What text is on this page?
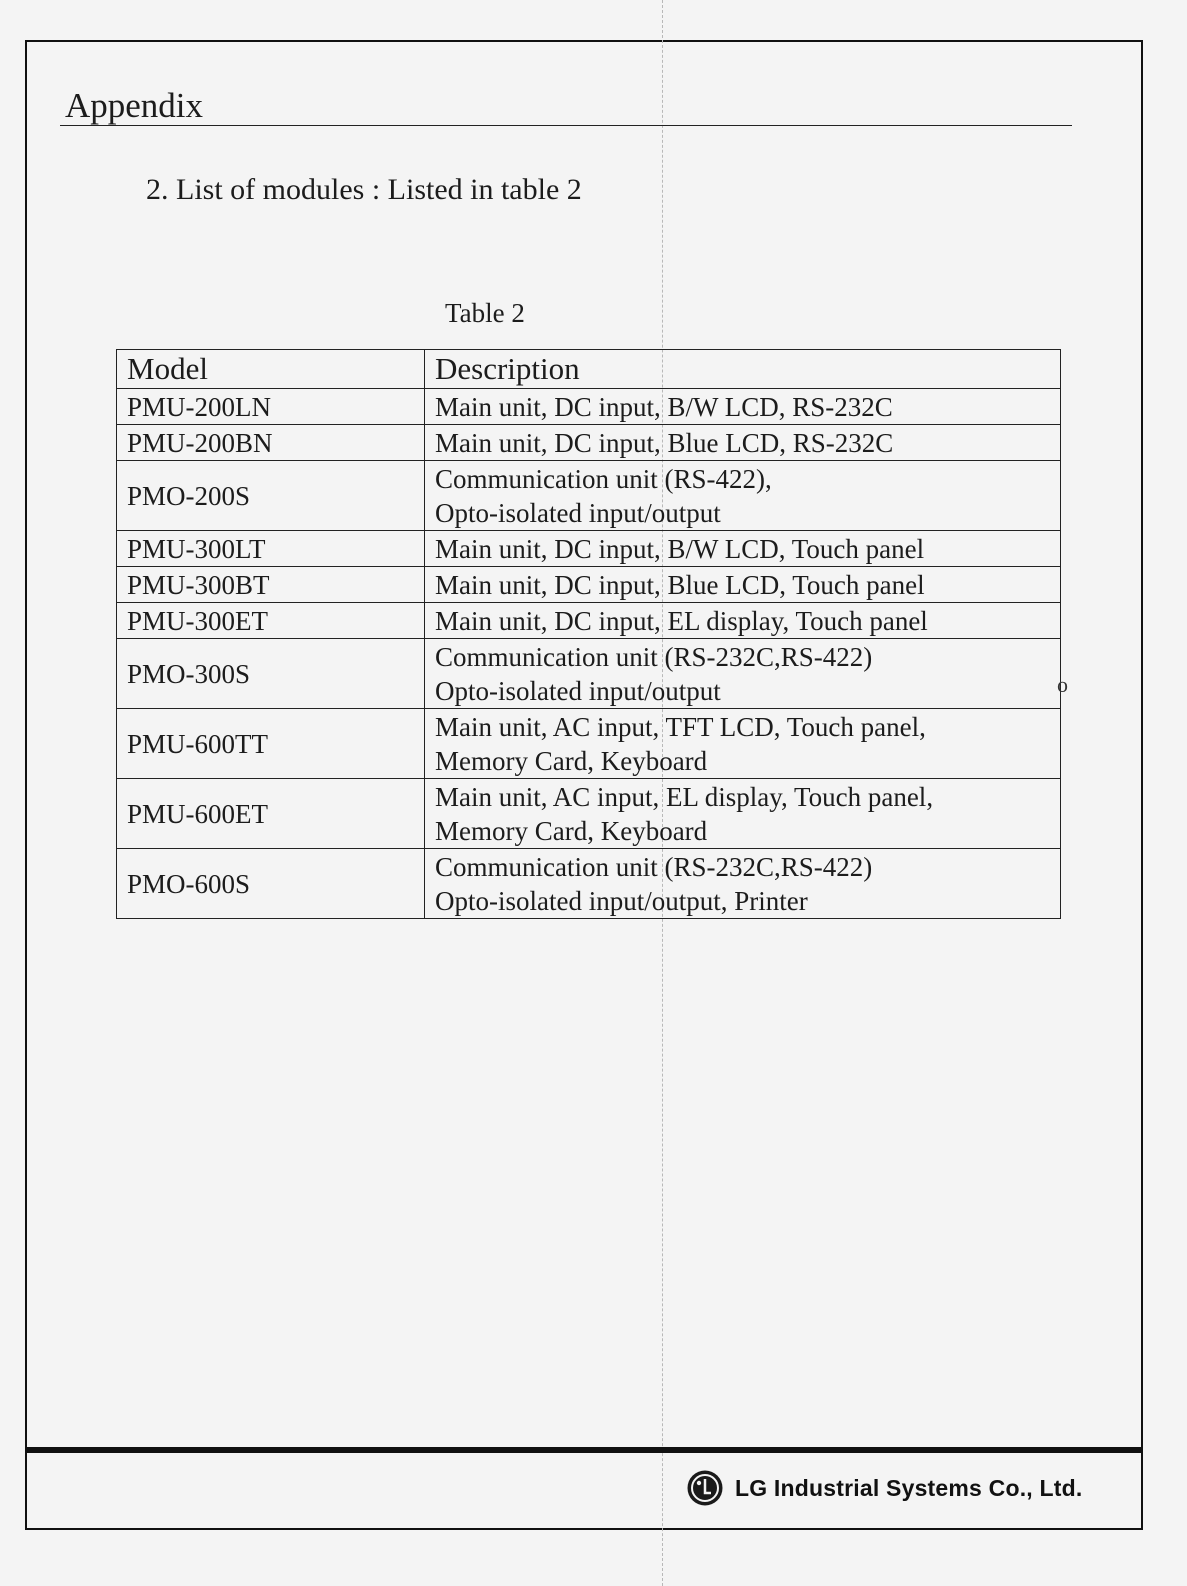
Appendix

2. List of modules : Listed in table 2

Table 2

Model	Description
PMU-200LN	Main unit, DC input, B/W LCD, RS-232C
PMU-200BN	Main unit, DC input, Blue LCD, RS-232C
PMO-200S	Communication unit (RS-422),
Opto-isolated input/output
PMU-300LT	Main unit, DC input, B/W LCD, Touch panel
PMU-300BT	Main unit, DC input, Blue LCD, Touch panel
PMU-300ET	Main unit, DC input, EL display, Touch panel
PMO-300S	Communication unit (RS-232C,RS-422)
Opto-isolated input/output
PMU-600TT	Main unit, AC input, TFT LCD, Touch panel,
Memory Card, Keyboard
PMU-600ET	Main unit, AC input, EL display, Touch panel,
Memory Card, Keyboard
PMO-600S	Communication unit (RS-232C,RS-422)
Opto-isolated input/output, Printer
o
LG Industrial Systems Co., Ltd.
